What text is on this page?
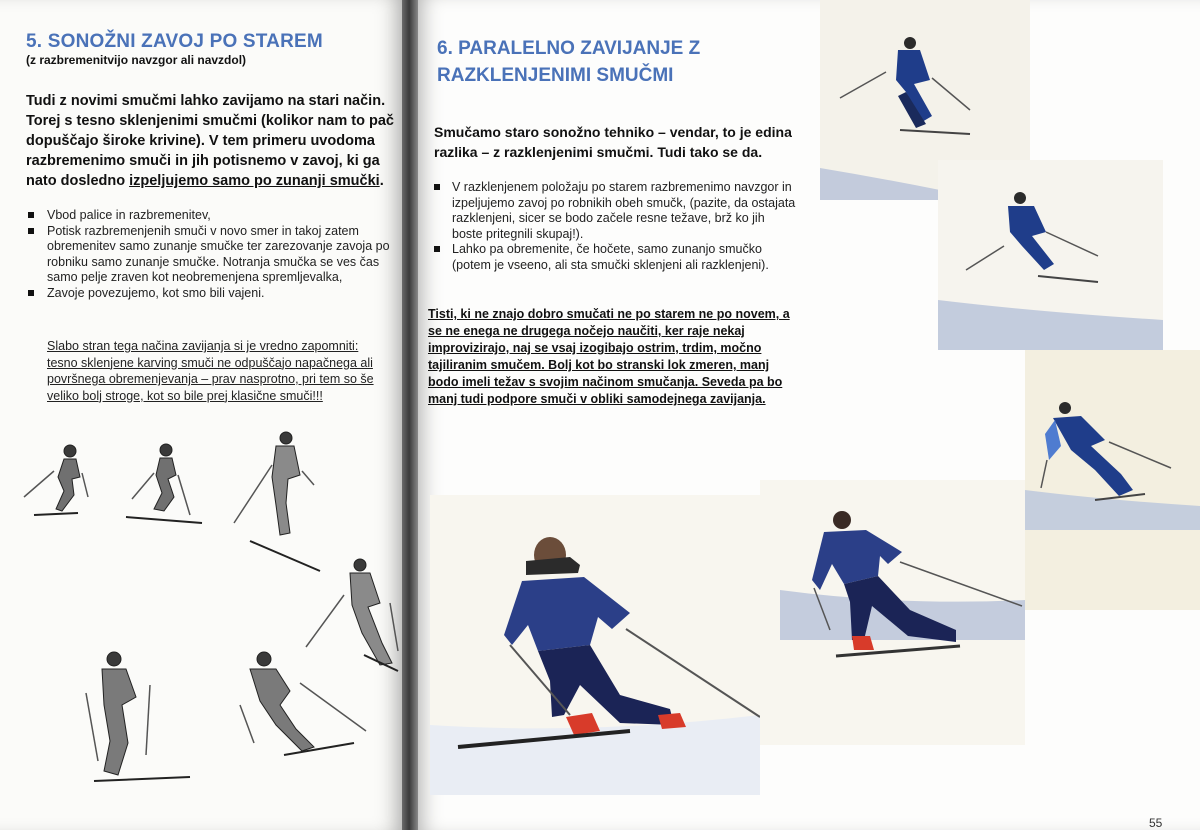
5. SONOŽNI ZAVOJ PO STAREM
(z razbremenitvijo navzgor ali navzdol)

Tudi z novimi smučmi lahko zavijamo na stari način. Torej s tesno sklenjenimi smučmi (kolikor nam to pač dopuščajo široke krivine). V tem primeru uvodoma razbremenimo smuči in jih potisnemo v zavoj, ki ga nato dosledno izpeljujemo samo po zunanji smučki.

Vbod palice in razbremenitev,
Potisk razbremenjenih smuči v novo smer in takoj zatem obremenitev samo zunanje smučke ter zarezovanje zavoja po robniku samo zunanje smučke. Notranja smučka se ves čas samo pelje zraven kot neobremenjena spremljevalka,
Zavoje povezujemo, kot smo bili vajeni.

Slabo stran tega načina zavijanja si je vredno zapomniti: tesno sklenjene karving smuči ne odpuščajo napačnega ali površnega obremenjevanja – prav nasprotno, pri tem so še veliko bolj stroge, kot so bile prej klasične smuči!!!

6. PARALELNO ZAVIJANJE Z RAZKLENJENIMI SMUČMI

Smučamo staro sonožno tehniko – vendar, to je edina razlika – z razklenjenimi smučmi. Tudi tako se da.

V razklenjenem položaju po starem razbremenimo navzgor in izpeljujemo zavoj po robnikih obeh smučk, (pazite, da ostajata razklenjeni, sicer se bodo začele resne težave, brž ko jih boste pritegnili skupaj!).
Lahko pa obremenite, če hočete, samo zunanjo smučko (potem je vseeno, ali sta smučki sklenjeni ali razklenjeni).

Tisti, ki ne znajo dobro smučati ne po starem ne po novem, a se ne enega ne drugega nočejo naučiti, ker raje nekaj improvizirajo, naj se vsaj izogibajo ostrim, trdim, močno tajiliranim smučem. Bolj kot bo stranski lok zmeren, manj bodo imeli težav s svojim načinom smučanja. Seveda pa bo manj tudi podpore smuči v obliki samodejnega zavijanja.

55
